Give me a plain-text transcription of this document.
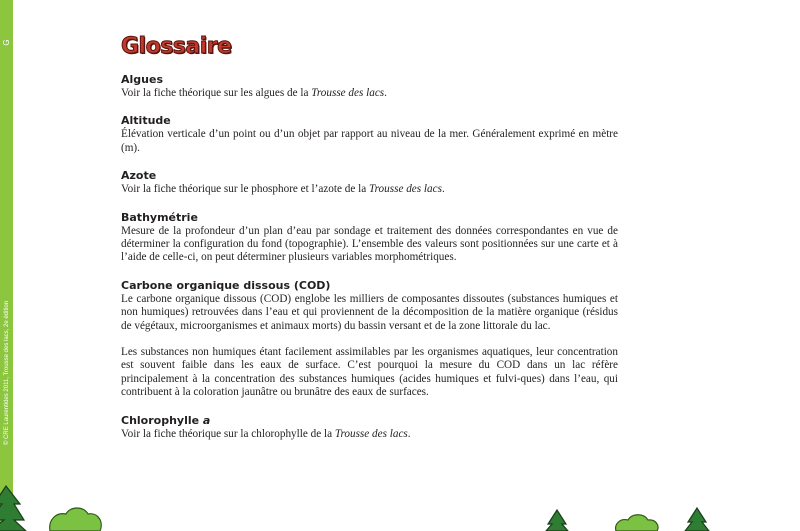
G
© CRE Laurentides 2011, Trousse des lacs, 2e édition
Glossaire

Algues

Voir la fiche théorique sur les algues de la Trousse des lacs.

Altitude

Élévation verticale d’un point ou d’un objet par rapport au niveau de la mer. Généralement exprimé en mètre (m).

Azote

Voir la fiche théorique sur le phosphore et l’azote de la Trousse des lacs.

Bathymétrie

Mesure de la profondeur d’un plan d’eau par sondage et traitement des données correspondantes en vue de déterminer la configuration du fond (topographie). L’ensemble des valeurs sont positionnées sur une carte et à l’aide de celle-ci, on peut déterminer plusieurs variables morphométriques.

Carbone organique dissous (COD)

Le carbone organique dissous (COD) englobe les milliers de composantes dissoutes (substances humiques et non humiques) retrouvées dans l’eau et qui proviennent de la décomposition de la matière organique (résidus de végétaux, microorganismes et animaux morts) du bassin versant et de la zone littorale du lac.

Les substances non humiques étant facilement assimilables par les organismes aquatiques, leur concentration est souvent faible dans les eaux de surface. C’est pourquoi la mesure du COD dans un lac réfère principalement à la concentration des substances humiques (acides humiques et fulvi-ques) dans l’eau, qui contribuent à la coloration jaunâtre ou brunâtre des eaux de surfaces.

Chlorophylle a

Voir la fiche théorique sur la chlorophylle de la Trousse des lacs.
